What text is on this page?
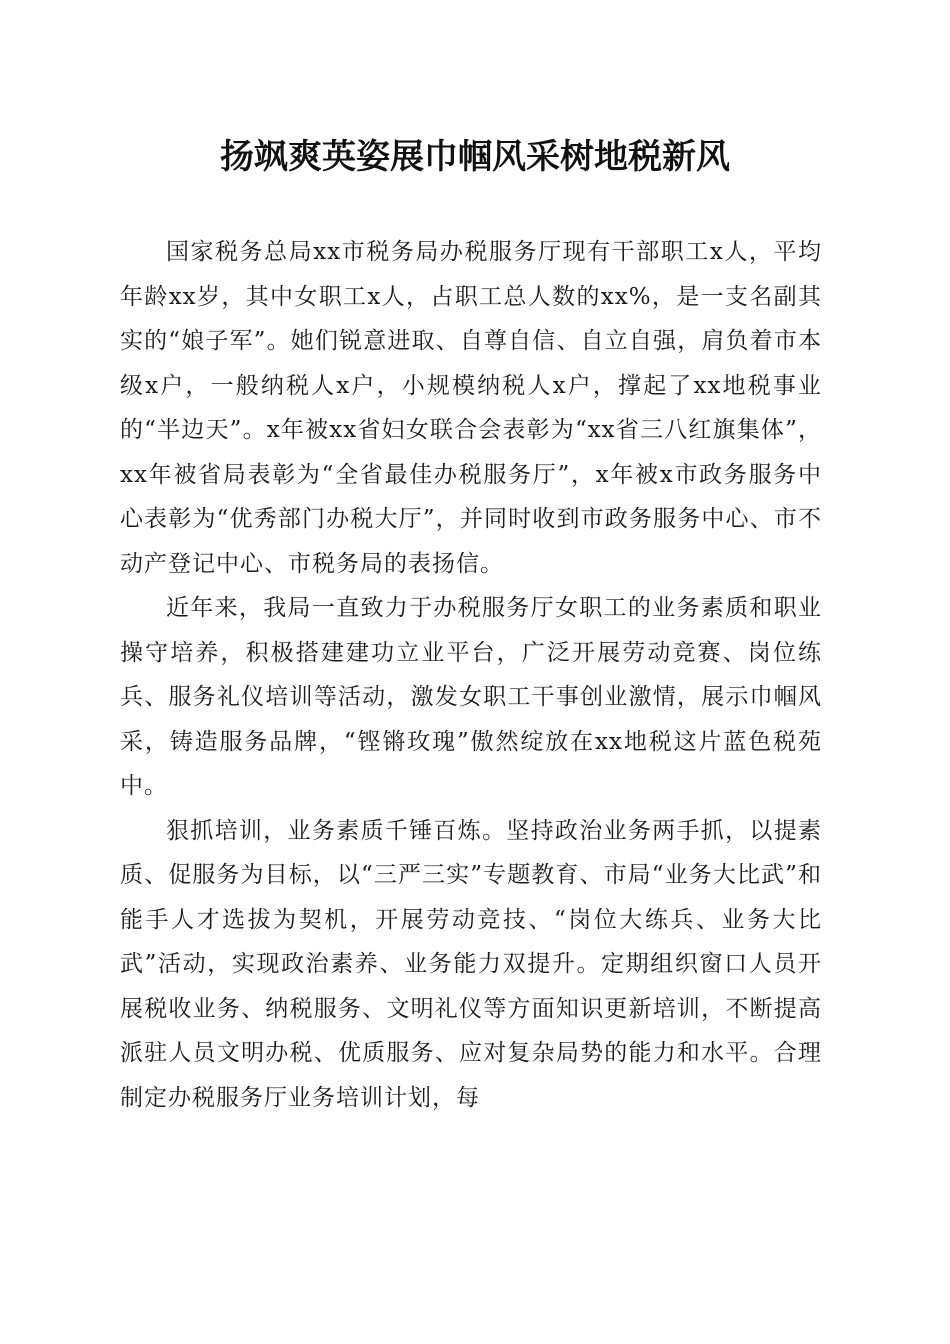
扬飒爽英姿展巾帼风采树地税新风

国家税务总局xx市税务局办税服务厅现有干部职工x人，平均年龄xx岁，其中女职工x人，占职工总人数的xx%，是一支名副其实的“娘子军”。她们锐意进取、自尊自信、自立自强，肩负着市本级x户，一般纳税人x户，小规模纳税人x户，撑起了xx地税事业的“半边天”。x年被xx省妇女联合会表彰为“xx省三八红旗集体”，xx年被省局表彰为“全省最佳办税服务厅”，x年被x市政务服务中心表彰为“优秀部门办税大厅”，并同时收到市政务服务中心、市不动产登记中心、市税务局的表扬信。

近年来，我局一直致力于办税服务厅女职工的业务素质和职业操守培养，积极搭建建功立业平台，广泛开展劳动竞赛、岗位练兵、服务礼仪培训等活动，激发女职工干事创业激情，展示巾帼风采，铸造服务品牌，“铿锵玫瑰”傲然绽放在xx地税这片蓝色税苑中。

狠抓培训，业务素质千锤百炼。坚持政治业务两手抓，以提素质、促服务为目标，以“三严三实”专题教育、市局“业务大比武”和能手人才选拔为契机，开展劳动竞技、“岗位大练兵、业务大比武”活动，实现政治素养、业务能力双提升。定期组织窗口人员开展税收业务、纳税服务、文明礼仪等方面知识更新培训，不断提高派驻人员文明办税、优质服务、应对复杂局势的能力和水平。合理制定办税服务厅业务培训计划，每
